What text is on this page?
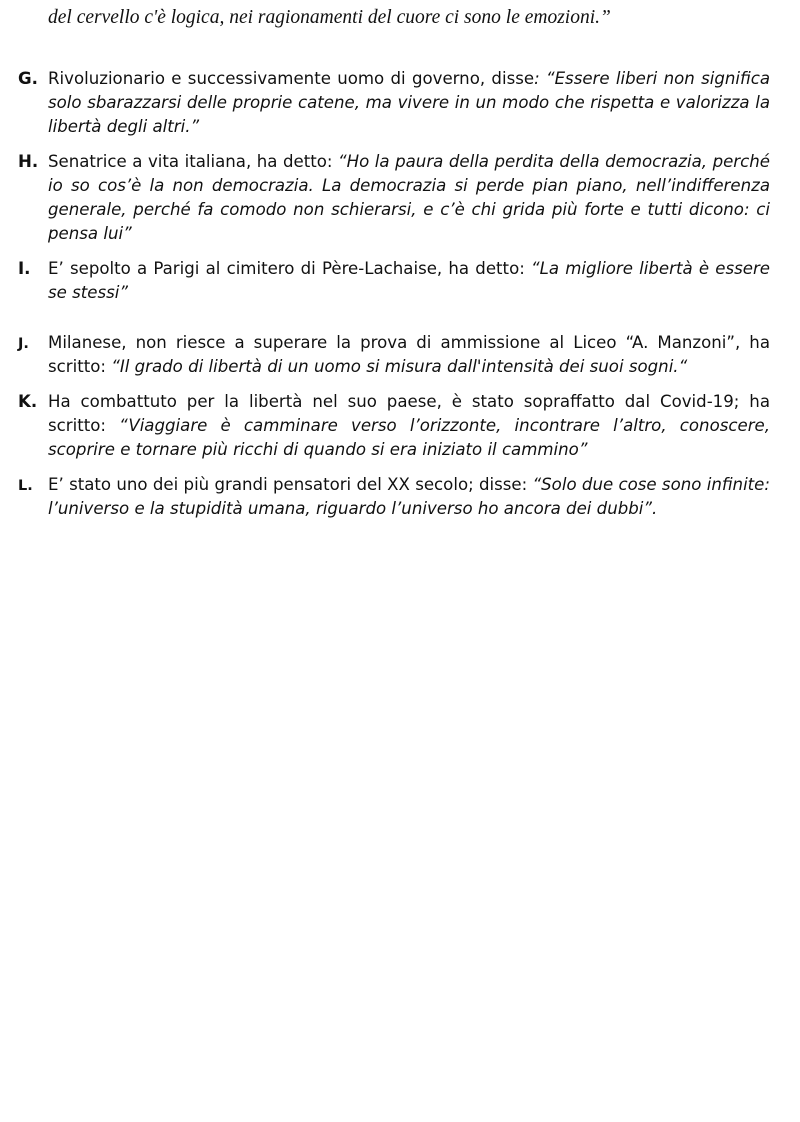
del cervello c'è logica, nei ragionamenti del cuore ci sono le emozioni.”
G. Rivoluzionario e successivamente uomo di governo, disse: “Essere liberi non significa solo sbarazzarsi delle proprie catene, ma vivere in un modo che rispetta e valorizza la libertà degli altri.”
H. Senatrice a vita italiana, ha detto: “Ho la paura della perdita della democrazia, perché io so cos’è la non democrazia. La democrazia si perde pian piano, nell’indifferenza generale, perché fa comodo non schierarsi, e c’è chi grida più forte e tutti dicono: ci pensa lui”
I.	E’ sepolto a Parigi al cimitero di Père-Lachaise, ha detto: “La migliore libertà è essere se stessi”
J.	Milanese, non riesce a superare la prova di ammissione al Liceo “A. Manzoni”, ha scritto: “Il grado di libertà di un uomo si misura dall'intensità dei suoi sogni.“
K. Ha combattuto per la libertà nel suo paese, è stato sopraffatto dal Covid-19; ha scritto: “Viaggiare è camminare verso l’orizzonte, incontrare l’altro, conoscere, scoprire e tornare più ricchi di quando si era iniziato il cammino”
L. E’ stato uno dei più grandi pensatori del XX secolo; disse: “Solo due cose sono infinite: l’universo e la stupidità umana, riguardo l’universo ho ancora dei dubbi”.
